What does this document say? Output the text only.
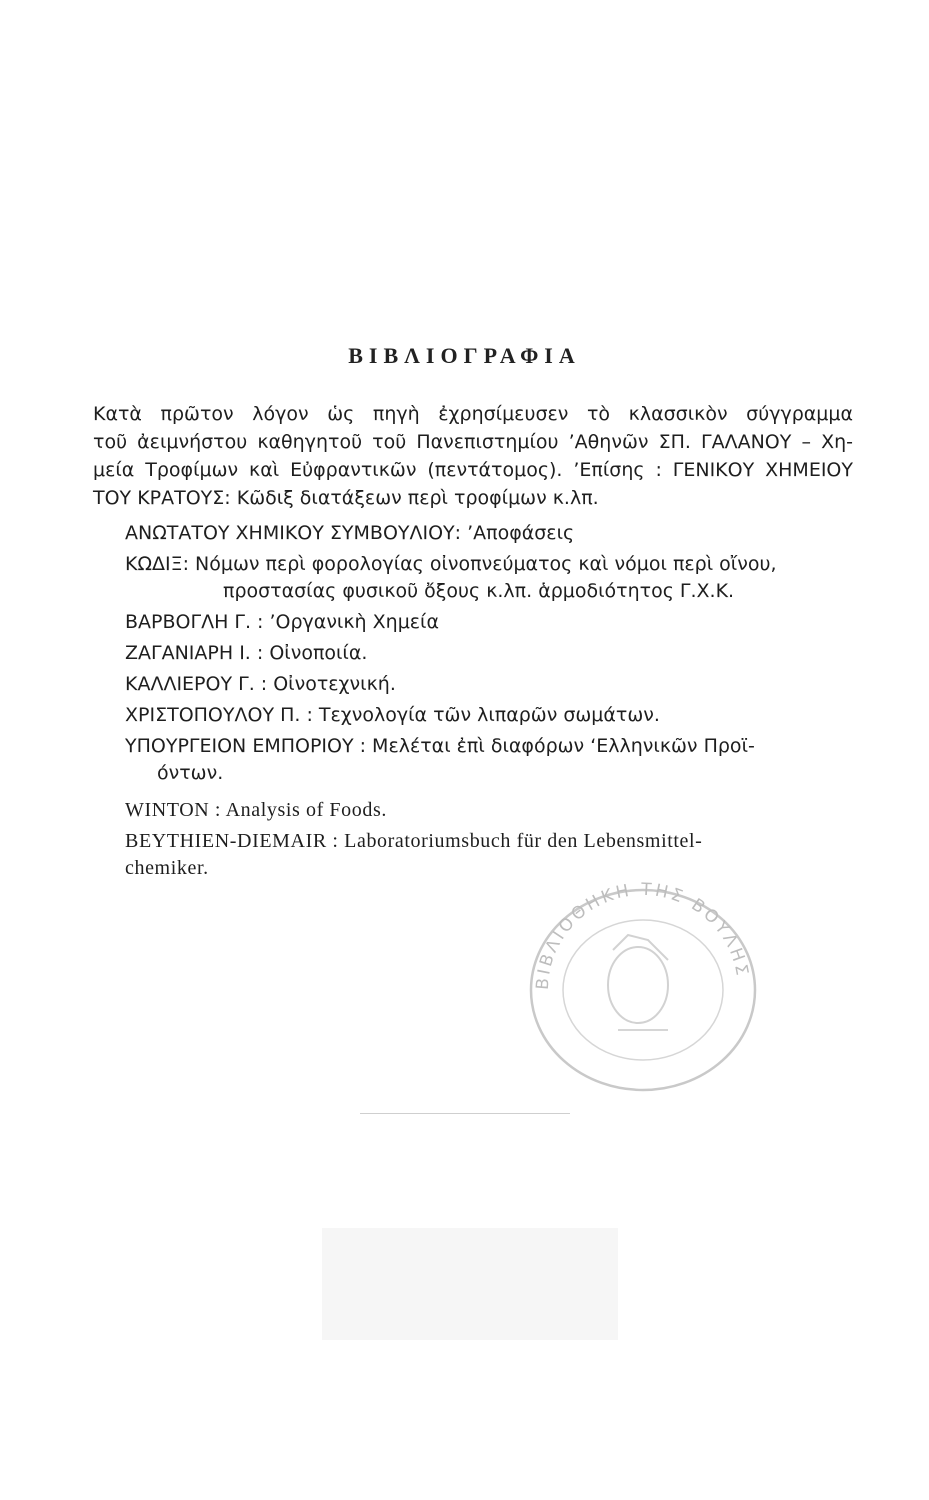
ΒΙΒΛΙΟΓΡΑΦΙΑ
Κατὰ πρῶτον λόγον ὡς πηγὴ ἐχρησίμευσεν τὸ κλασσικὸν σύγγραμμα
τοῦ ἀειμνήστου καθηγητοῦ τοῦ Πανεπιστημίου ’Αθηνῶν ΣΠ. ΓΑΛΑΝΟΥ – Χη-
μεία Τροφίμων καὶ Εὐφραντικῶν (πεντάτομος). ’Επίσης : ΓΕΝΙΚΟΥ ΧΗΜΕΙΟΥ
ΤΟΥ ΚΡΑΤΟΥΣ: Κῶδιξ διατάξεων περὶ τροφίμων κ.λπ.
ΑΝΩΤΑΤΟΥ ΧΗΜΙΚΟΥ ΣΥΜΒΟΥΛΙΟΥ: ’Αποφάσεις
ΚΩΔΙΞ: Νόμων περὶ φορολογίας οἰνοπνεύματος καὶ νόμοι περὶ οἴνου,
προστασίας φυσικοῦ ὄξους κ.λπ. ἁρμοδιότητος Γ.Χ.Κ.
ΒΑΡΒΟΓΛΗ Γ. : ’Οργανικὴ Χημεία
ΖΑΓΑΝΙΑΡΗ Ι. : Οἰνοποιία.
ΚΑΛΛΙΕΡΟΥ Γ. : Οἰνοτεχνική.
ΧΡΙΣΤΟΠΟΥΛΟΥ Π. : Τεχνολογία τῶν λιπαρῶν σωμάτων.
ΥΠΟΥΡΓΕΙΟΝ ΕΜΠΟΡΙΟΥ : Μελέται ἐπὶ διαφόρων ‘Ελληνικῶν Προϊ-
όντων.
WINTON : Analysis of Foods.
BEYTHIEN-DIEMAIR : Laboratoriumsbuch für den Lebensmittel-
chemiker.
ΒΙΒΛΙΟΘΗΚΗ ΤΗΣ ΒΟΥΛΗΣ
